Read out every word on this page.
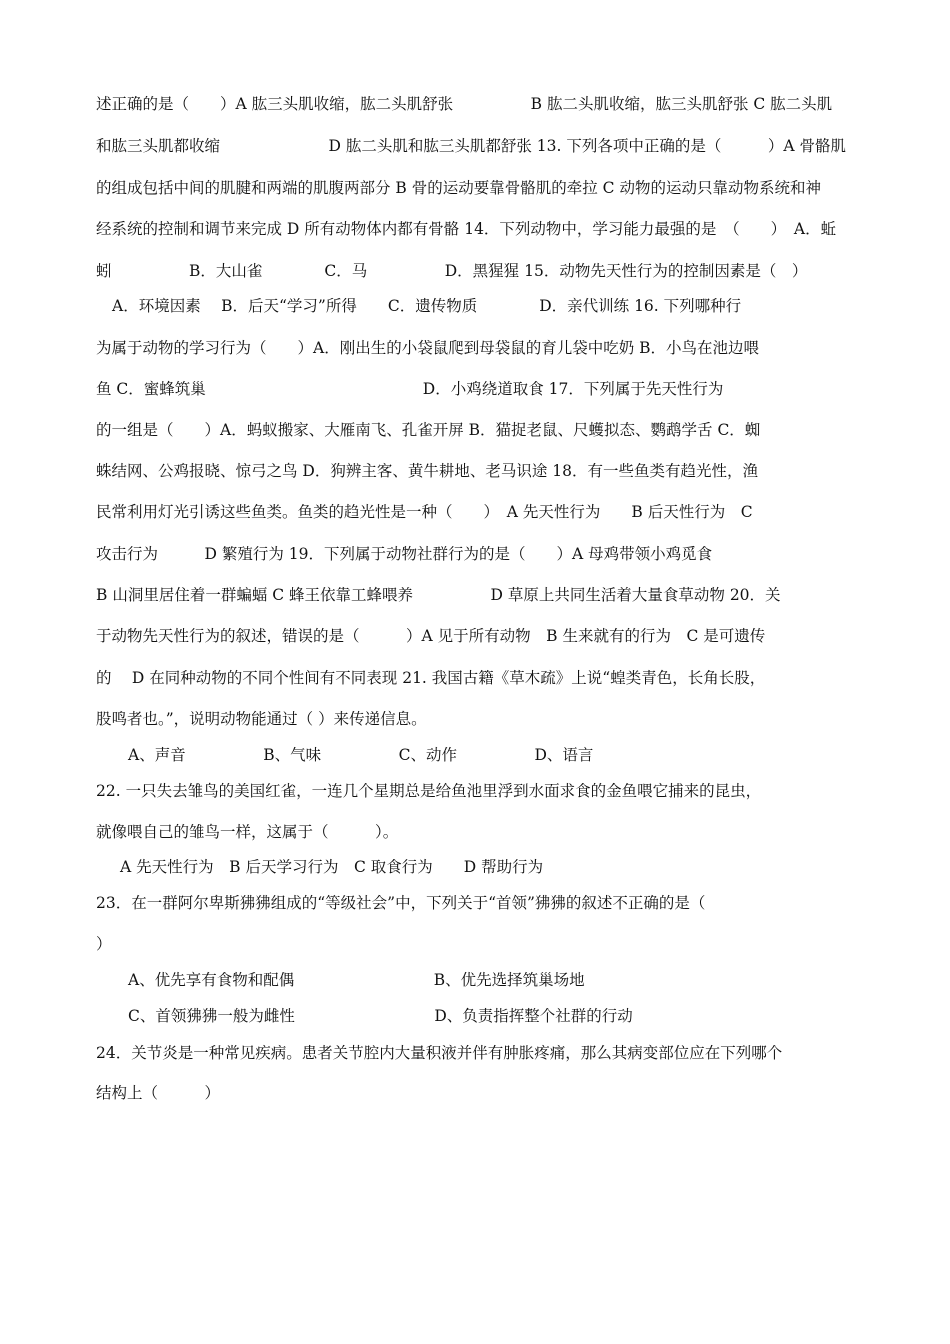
述正确的是（　　）A 肱三头肌收缩，肱二头肌舒张　　　　　B 肱二头肌收缩，肱三头肌舒张 C 肱二头肌
和肱三头肌都收缩　　　　　　　D 肱二头肌和肱三头肌都舒张 13. 下列各项中正确的是（　　　）A 骨骼肌
的组成包括中间的肌腱和两端的肌腹两部分 B 骨的运动要靠骨骼肌的牵拉 C 动物的运动只靠动物系统和神
经系统的控制和调节来完成 D 所有动物体内都有骨骼 14．下列动物中，学习能力最强的是　（　　）　A．蚯
蚓　　　　　B．大山雀　　　　C．马　　　　　D．黑猩猩 15．动物先天性行为的控制因素是（　）
A．环境因素　 B．后天“学习”所得　　C．遗传物质　　　　D．亲代训练 16. 下列哪种行
为属于动物的学习行为（　　）A．刚出生的小袋鼠爬到母袋鼠的育儿袋中吃奶 B．小鸟在池边喂
鱼 C．蜜蜂筑巢　　　　　　　　　　　　　　D．小鸡绕道取食 17．下列属于先天性行为
的一组是（　　）A．蚂蚁搬家、大雁南飞、孔雀开屏 B．猫捉老鼠、尺蠖拟态、鹦鹉学舌 C．蜘
蛛结网、公鸡报晓、惊弓之鸟 D．狗辨主客、黄牛耕地、老马识途 18．有一些鱼类有趋光性，渔
民常利用灯光引诱这些鱼类。鱼类的趋光性是一种（　　）　A 先天性行为　　B 后天性行为　C
攻击行为　　　D 繁殖行为 19．下列属于动物社群行为的是（　　）A 母鸡带领小鸡觅食
B 山洞里居住着一群蝙蝠 C 蜂王依靠工蜂喂养　　　　　D 草原上共同生活着大量食草动物 20．关
于动物先天性行为的叙述，错误的是（　　　）A 见于所有动物　B 生来就有的行为　C 是可遗传
的　 D 在同种动物的不同个性间有不同表现 21. 我国古籍《草木疏》上说“蝗类青色，长角长股，
股鸣者也。”，说明动物能通过（ ）来传递信息。
A、声音　　　　　B、气味　　　　　C、动作　　　　　D、语言
22. 一只失去雏鸟的美国红雀，一连几个星期总是给鱼池里浮到水面求食的金鱼喂它捕来的昆虫，
就像喂自己的雏鸟一样，这属于（　　　）。
A 先天性行为　B 后天学习行为　C 取食行为　　D 帮助行为
23．在一群阿尔卑斯狒狒组成的“等级社会”中，下列关于“首领”狒狒的叙述不正确的是（
）
A、优先享有食物和配偶　　　　　　　　　B、优先选择筑巢场地
C、首领狒狒一般为雌性　　　　　　　　　D、负责指挥整个社群的行动
24．关节炎是一种常见疾病。患者关节腔内大量积液并伴有肿胀疼痛，那么其病变部位应在下列哪个
结构上（　　　）
